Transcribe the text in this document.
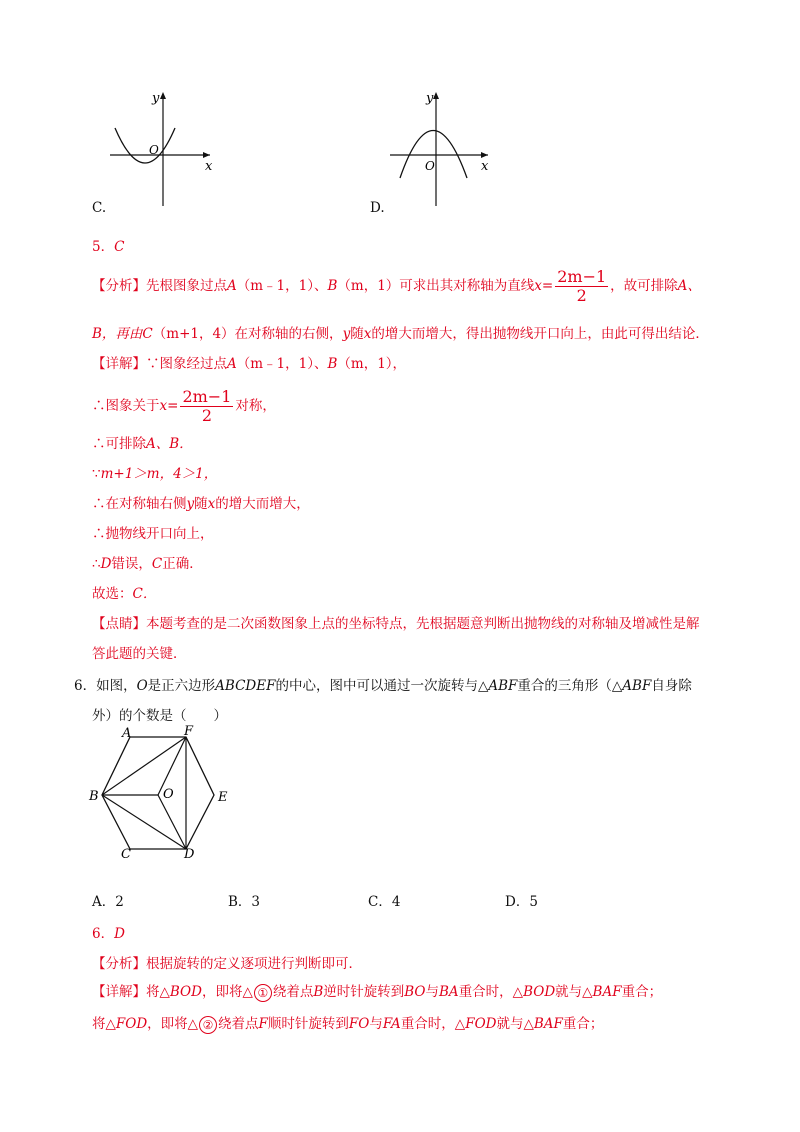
x
y
O
C.
x
y
O
D.
5．C
【分析】先根图象过点A（m﹣1，1）、B（m，1）可求出其对称轴为直线$x= \frac{2m-1}{2}$ ，故可排除A、
B，再由C（m+1，4）在对称轴的右侧，y随x的增大而增大，得出抛物线开口向上，由此可得出结论．
【详解】∵图象经过点A（m﹣1，1）、B（m，1），
∴图象关于$x= \frac{2m-1}{2}$ 对称，
∴可排除A、B．
∵m+1＞m，4＞1，
∴在对称轴右侧y随x的增大而增大，
∴抛物线开口向上，
∴D错误，C正确．
故选：C．
【点睛】本题考查的是二次函数图象上点的坐标特点，先根据题意判断出抛物线的对称轴及增减性是解
答此题的关键．
6．如图，O是正六边形ABCDEF的中心，图中可以通过一次旋转与△ABF重合的三角形（△ABF自身除
外）的个数是（　　）
A	F
B	O	E
C	D
A．2	B．3	C．4	D．5
6．D
【分析】根据旋转的定义逐项进行判断即可．
【详解】将△BOD，即将△ ① 绕着点B逆时针旋转到BO与BA重合时，△BOD就与△BAF重合；
将△FOD，即将△ ② 绕着点F顺时针旋转到FO与FA重合时，△FOD就与△BAF重合；
